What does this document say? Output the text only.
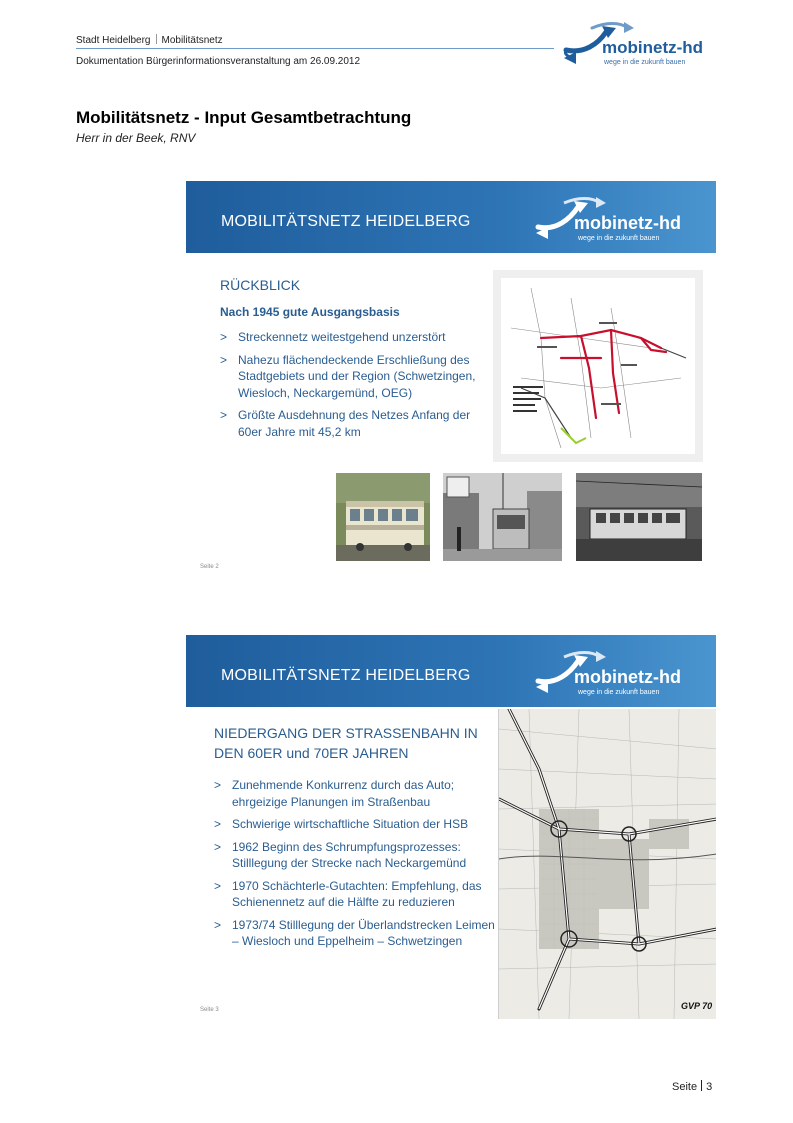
Stadt Heidelberg Mobilitätsnetz
Dokumentation Bürgerinformationsveranstaltung am 26.09.2012
mobinetz-hd
wege in die zukunft bauen
Mobilitätsnetz - Input Gesamtbetrachtung
Herr in der Beek, RNV
MOBILITÄTSNETZ HEIDELBERG	mobinetz-hd
wege in die zukunft bauen
RÜCKBLICK
Nach 1945 gute Ausgangsbasis
> Streckennetz weitestgehend unzerstört
> Nahezu flächendeckende Erschließung des Stadtgebiets und der Region (Schwetzingen, Wiesloch, Neckargemünd, OEG)
> Größte Ausdehnung des Netzes Anfang der 60er Jahre mit 45,2 km
Seite 2
MOBILITÄTSNETZ HEIDELBERG	mobinetz-hd
wege in die zukunft bauen
NIEDERGANG DER STRASSENBAHN IN
DEN 60ER und 70ER JAHREN
> Zunehmende Konkurrenz durch das Auto; ehrgeizige Planungen im Straßenbau
> Schwierige wirtschaftliche Situation der HSB
> 1962 Beginn des Schrumpfungsprozesses: Stilllegung der Strecke nach Neckargemünd
> 1970 Schächterle-Gutachten: Empfehlung, das Schienennetz auf die Hälfte zu reduzieren
> 1973/74 Stilllegung der Überlandstrecken Leimen – Wiesloch und Eppelheim – Schwetzingen
GVP 70
Seite 3
Seite 3
